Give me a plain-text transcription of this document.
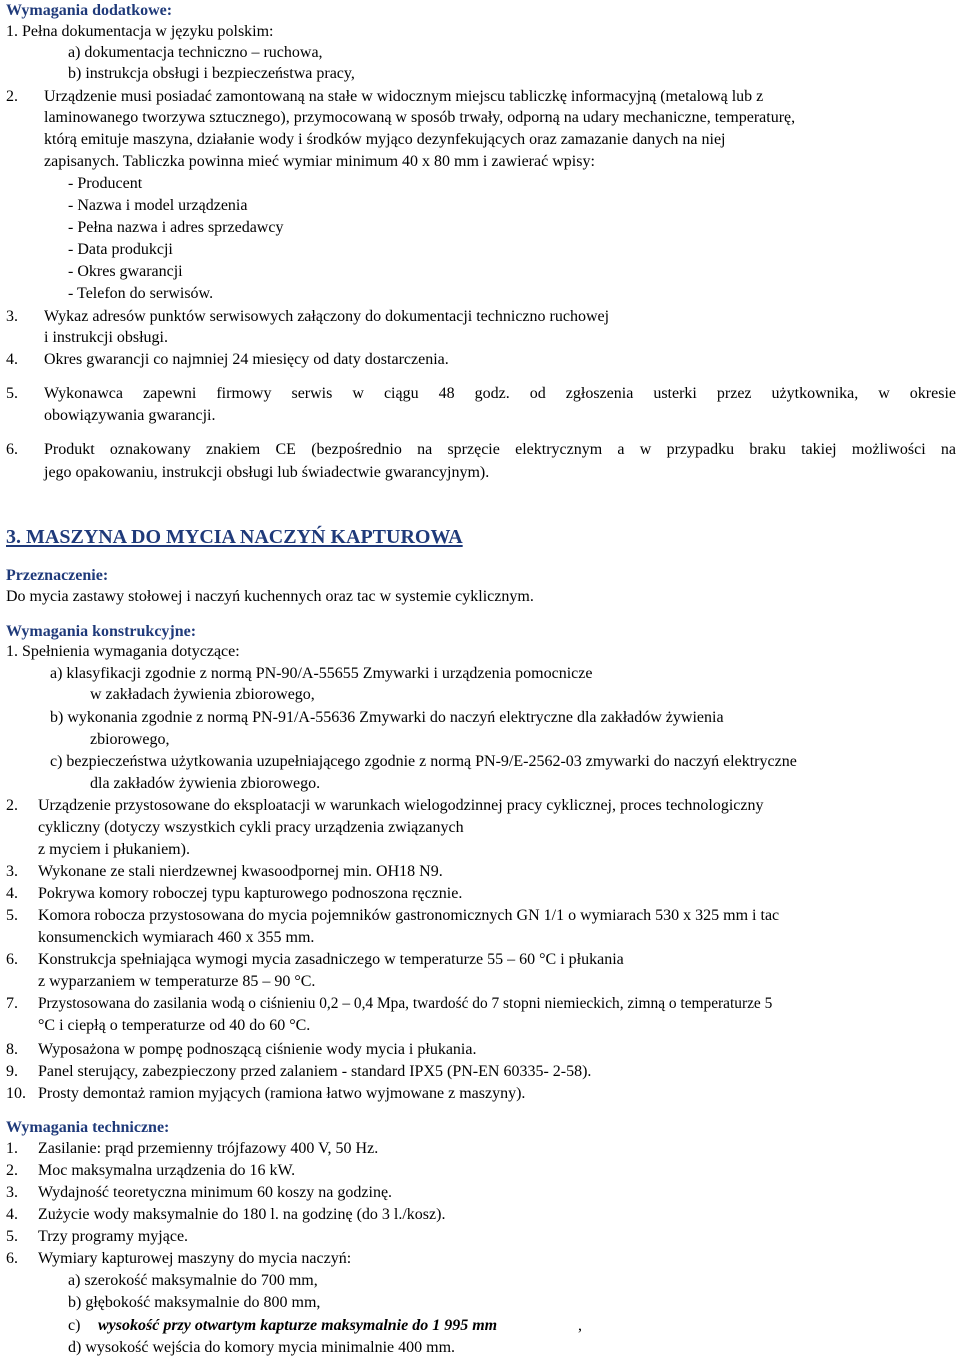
Wymagania dodatkowe:
1. Pełna dokumentacja w języku polskim:
a) dokumentacja techniczno – ruchowa,
b) instrukcja obsługi i bezpieczeństwa pracy,
2. Urządzenie musi posiadać zamontowaną na stałe w widocznym miejscu tabliczkę informacyjną (metalową lub z
laminowanego tworzywa sztucznego), przymocowaną w sposób trwały, odporną na udary mechaniczne, temperaturę,
którą emituje maszyna, działanie wody i środków myjąco dezynfekujących oraz zamazanie danych na niej
zapisanych. Tabliczka powinna mieć wymiar minimum 40 x 80 mm i zawierać wpisy:
- Producent
- Nazwa i model urządzenia
- Pełna nazwa i adres sprzedawcy
- Data produkcji
- Okres gwarancji
- Telefon do serwisów.
3. Wykaz adresów punktów serwisowych załączony do dokumentacji techniczno ruchowej
i instrukcji obsługi.
4. Okres gwarancji co najmniej 24 miesięcy od daty dostarczenia.
5. Wykonawca zapewni firmowy serwis w ciągu 48 godz. od zgłoszenia usterki przez użytkownika, w okresie
obowiązywania gwarancji.
6. Produkt oznakowany znakiem CE (bezpośrednio na sprzęcie elektrycznym a w przypadku braku takiej możliwości na
jego opakowaniu, instrukcji obsługi lub świadectwie gwarancyjnym).
3. MASZYNA DO MYCIA NACZYŃ KAPTUROWA
Przeznaczenie:
Do mycia zastawy stołowej i naczyń kuchennych oraz tac w systemie cyklicznym.
Wymagania konstrukcyjne:
1. Spełnienia wymagania dotyczące:
a) klasyfikacji zgodnie z normą PN-90/A-55655 Zmywarki i urządzenia pomocnicze
w zakładach żywienia zbiorowego,
b) wykonania zgodnie z normą PN-91/A-55636 Zmywarki do naczyń elektryczne dla zakładów żywienia
zbiorowego,
c) bezpieczeństwa użytkowania uzupełniającego zgodnie z normą PN-9/E-2562-03 zmywarki do naczyń elektryczne
dla zakładów żywienia zbiorowego.
2. Urządzenie przystosowane do eksploatacji w warunkach wielogodzinnej pracy cyklicznej, proces technologiczny
cykliczny (dotyczy wszystkich cykli pracy urządzenia związanych
z myciem i płukaniem).
3. Wykonane ze stali nierdzewnej kwasoodpornej min. OH18 N9.
4. Pokrywa komory roboczej typu kapturowego podnoszona ręcznie.
5. Komora robocza przystosowana do mycia pojemników gastronomicznych GN 1/1 o wymiarach 530 x 325 mm i tac
konsumenckich wymiarach 460 x 355 mm.
6. Konstrukcja spełniająca wymogi mycia zasadniczego w temperaturze 55 – 60 °C i płukania
z wyparzaniem w temperaturze 85 – 90 °C.
7. Przystosowana do zasilania wodą o ciśnieniu 0,2 – 0,4 Mpa, twardość do 7 stopni niemieckich, zimną o temperaturze 5
°C i ciepłą o temperaturze od 40 do 60 °C.
8. Wyposażona w pompę podnoszącą ciśnienie wody mycia i płukania.
9. Panel sterujący, zabezpieczony przed zalaniem - standard IPX5 (PN-EN 60335- 2-58).
10. Prosty demontaż ramion myjących (ramiona łatwo wyjmowane z maszyny).
Wymagania techniczne:
1. Zasilanie: prąd przemienny trójfazowy 400 V, 50 Hz.
2. Moc maksymalna urządzenia do 16 kW.
3. Wydajność teoretyczna minimum 60 koszy na godzinę.
4. Zużycie wody maksymalnie do 180 l. na godzinę (do 3 l./kosz).
5. Trzy programy myjące.
6. Wymiary kapturowej maszyny do mycia naczyń:
a) szerokość maksymalnie do 700 mm,
b) głębokość maksymalnie do 800 mm,
c) wysokość przy otwartym kapturze maksymalnie do 1 995 mm	,
d) wysokość wejścia do komory mycia minimalnie 400 mm.
